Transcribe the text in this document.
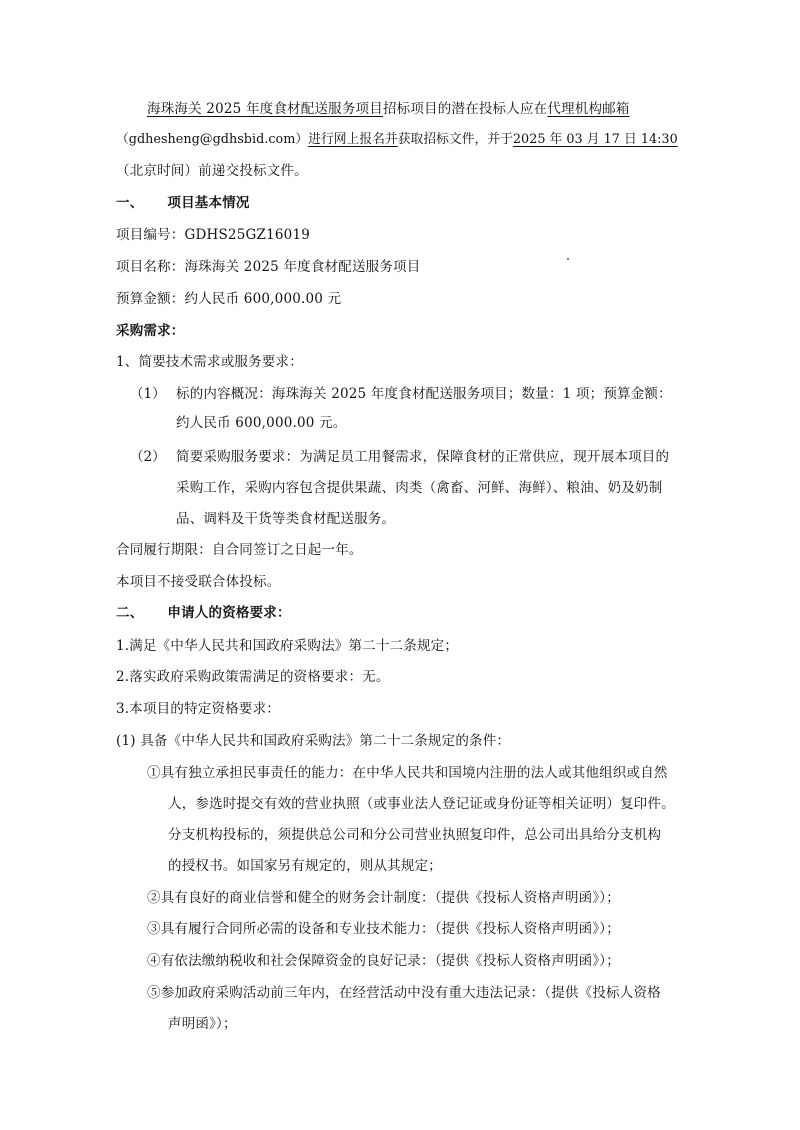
海珠海关 2025 年度食材配送服务项目招标项目的潜在投标人应在代理机构邮箱
（gdhesheng@gdhsbid.com）进行网上报名并获取招标文件，并于2025 年 03 月 17 日 14:30
（北京时间）前递交投标文件。
一、 项目基本情况
项目编号：GDHS25GZ16019
项目名称：海珠海关 2025 年度食材配送服务项目
预算金额：约人民币 600,000.00 元
采购需求：
1、简要技术需求或服务要求：
（1） 标的内容概况：海珠海关 2025 年度食材配送服务项目；数量：1 项；预算金额：
约人民币 600,000.00 元。
（2） 简要采购服务要求：为满足员工用餐需求，保障食材的正常供应，现开展本项目的
采购工作，采购内容包含提供果蔬、肉类（禽畜、河鲜、海鲜）、粮油、奶及奶制
品、调料及干货等类食材配送服务。
合同履行期限：自合同签订之日起一年。
本项目不接受联合体投标。
二、 申请人的资格要求：
1.满足《中华人民共和国政府采购法》第二十二条规定；
2.落实政府采购政策需满足的资格要求：无。
3.本项目的特定资格要求：
(1) 具备《中华人民共和国政府采购法》第二十二条规定的条件：
①具有独立承担民事责任的能力：在中华人民共和国境内注册的法人或其他组织或自然
人，参选时提交有效的营业执照（或事业法人登记证或身份证等相关证明）复印件。
分支机构投标的，须提供总公司和分公司营业执照复印件，总公司出具给分支机构
的授权书。如国家另有规定的，则从其规定；
②具有良好的商业信誉和健全的财务会计制度：（提供《投标人资格声明函》）；
③具有履行合同所必需的设备和专业技术能力：（提供《投标人资格声明函》）；
④有依法缴纳税收和社会保障资金的良好记录：（提供《投标人资格声明函》）；
⑤参加政府采购活动前三年内，在经营活动中没有重大违法记录：（提供《投标人资格
声明函》）；
